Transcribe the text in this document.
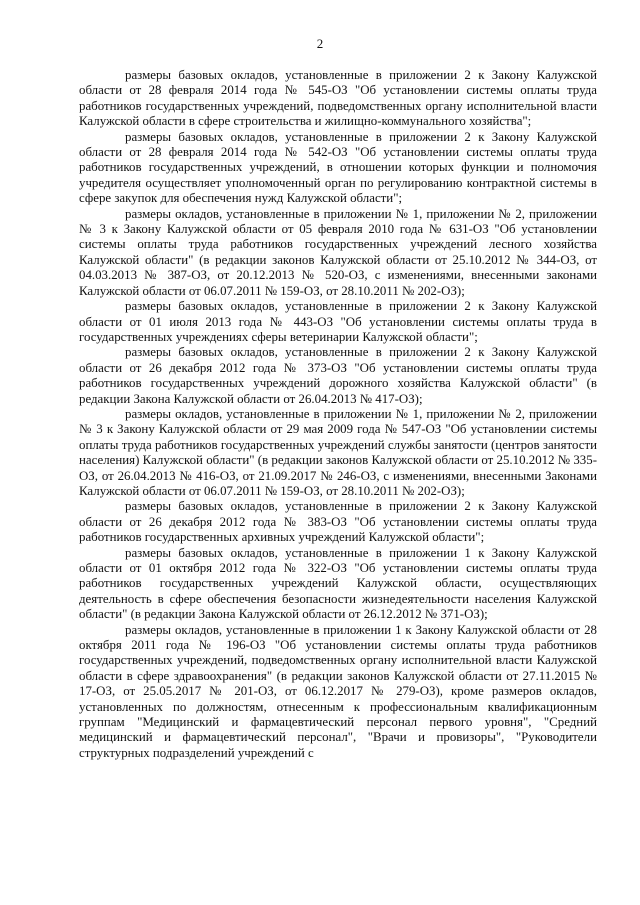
2

размеры базовых окладов, установленные в приложении 2 к Закону Калужской области от 28 февраля 2014 года № 545-ОЗ "Об установлении системы оплаты труда работников государственных учреждений, подведомственных органу исполнительной власти Калужской области в сфере строительства и жилищно-коммунального хозяйства";

размеры базовых окладов, установленные в приложении 2 к Закону Калужской области от 28 февраля 2014 года № 542-ОЗ "Об установлении системы оплаты труда работников государственных учреждений, в отношении которых функции и полномочия учредителя осуществляет уполномоченный орган по регулированию контрактной системы в сфере закупок для обеспечения нужд Калужской области";

размеры окладов, установленные в приложении № 1, приложении № 2, приложении № 3 к Закону Калужской области от 05 февраля 2010 года № 631-ОЗ "Об установлении системы оплаты труда работников государственных учреждений лесного хозяйства Калужской области" (в редакции законов Калужской области от 25.10.2012 № 344-ОЗ, от 04.03.2013 № 387-ОЗ, от 20.12.2013 № 520-ОЗ, с изменениями, внесенными законами Калужской области от 06.07.2011 № 159-ОЗ, от 28.10.2011 № 202-ОЗ);

размеры базовых окладов, установленные в приложении 2 к Закону Калужской области от 01 июля 2013 года № 443-ОЗ "Об установлении системы оплаты труда в государственных учреждениях сферы ветеринарии Калужской области";

размеры базовых окладов, установленные в приложении 2 к Закону Калужской области от 26 декабря 2012 года № 373-ОЗ "Об установлении системы оплаты труда работников государственных учреждений дорожного хозяйства Калужской области" (в редакции Закона Калужской области от 26.04.2013 № 417-ОЗ);

размеры окладов, установленные в приложении № 1, приложении № 2, приложении № 3 к Закону Калужской области от 29 мая 2009 года № 547-ОЗ "Об установлении системы оплаты труда работников государственных учреждений службы занятости (центров занятости населения) Калужской области" (в редакции законов Калужской области от 25.10.2012 № 335-ОЗ, от 26.04.2013 № 416-ОЗ, от 21.09.2017 № 246-ОЗ, с изменениями, внесенными Законами Калужской области от 06.07.2011 № 159-ОЗ, от 28.10.2011 № 202-ОЗ);

размеры базовых окладов, установленные в приложении 2 к Закону Калужской области от 26 декабря 2012 года № 383-ОЗ "Об установлении системы оплаты труда работников государственных архивных учреждений Калужской области";

размеры базовых окладов, установленные в приложении 1 к Закону Калужской области от 01 октября 2012 года № 322-ОЗ "Об установлении системы оплаты труда работников государственных учреждений Калужской области, осуществляющих деятельность в сфере обеспечения безопасности жизнедеятельности населения Калужской области" (в редакции Закона Калужской области от 26.12.2012 № 371-ОЗ);

размеры окладов, установленные в приложении 1 к Закону Калужской области от 28 октября 2011 года № 196-ОЗ "Об установлении системы оплаты труда работников государственных учреждений, подведомственных органу исполнительной власти Калужской области в сфере здравоохранения" (в редакции законов Калужской области от 27.11.2015 № 17-ОЗ, от 25.05.2017 № 201-ОЗ, от 06.12.2017 № 279-ОЗ), кроме размеров окладов, установленных по должностям, отнесенным к профессиональным квалификационным группам "Медицинский и фармацевтический персонал первого уровня", "Средний медицинский и фармацевтический персонал", "Врачи и провизоры", "Руководители структурных подразделений учреждений с
